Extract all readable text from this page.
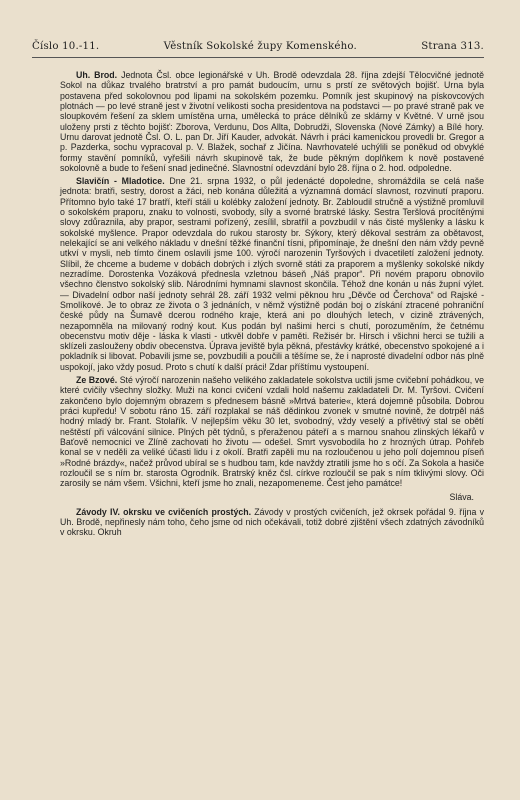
Číslo 10.-11.	Věstník Sokolské župy Komenského.	Strana 313.

Uh. Brod. Jednota Čsl. obce legionářské v Uh. Brodě odevzdala 28. října zdejší Tělocvičné jednotě Sokol na důkaz trvalého bratrství a pro památ budoucím, urnu s prstí ze světových bojišť. Urna byla postavena před sokolovnou pod lipami na sokolském pozemku. Pomník jest skupinový na pískovcových plotnách — po levé straně jest v životní velikosti socha presidentova na podstavci — po pravé straně pak ve sloupkovém řešení za sklem umístěna urna, umělecká to práce dělníků ze sklárny v Květné. V urně jsou uloženy prsti z těchto bojišť: Zborova, Verdunu, Dos Allta, Dobrudži, Slovenska (Nové Zámky) a Bílé hory. Urnu darovat jednotě Čsl. O. L. pan Dr. Jiří Kauder, advokát. Návrh i práci kamenickou provedli br. Gregor a p. Pazderka, sochu vypracoval p. V. Blažek, sochař z Jičína. Navrhovatelé uchýlili se poněkud od obvyklé formy stavění pomníků, vyřešili návrh skupinově tak, že bude pěkným doplňkem k nově postavené sokolovně a bude to řešení snad jedinečné. Slavnostní odevzdání bylo 28. října o 2. hod. odpoledne.

Slavičín - Mladotice. Dne 21. srpna 1932, o půl jedenácté dopoledne, shromáždila se celá naše jednota: bratři, sestry, dorost a žáci, neb konána důležitá a významná domácí slavnost, rozvinutí praporu. Přítomno bylo také 17 bratří, kteří stáli u kolébky založení jednoty. Br. Zabloudil stručně a výstižně promluvil o sokolském praporu, znaku to volnosti, svobody, síly a svorné bratrské lásky. Sestra Teršlová procítěnými slovy zdůraznila, aby prapor, sestrami pořízený, zesílil, sbratřil a povzbudil v nás čisté myšlenky a lásku k sokolské myšlence. Prapor odevzdala do rukou starosty br. Sýkory, který děkoval sestrám za obětavost, nelekající se ani velkého nákladu v dnešní těžké finanční tísni, připomínaje, že dnešní den nám vždy pevně utkví v mysli, neb tímto činem oslavili jsme 100. výročí narozenin Tyršových i dvacetiletí založení jednoty. Slíbil, že chceme a budeme v dobách dobrých i zlých svorně státi za praporem a myšlenky sokolské nikdy nezradíme. Dorostenka Vozáková přednesla vzletnou báseň „Náš prapor“. Při novém praporu obnovilo všechno členstvo sokolský slib. Národními hymnami slavnost skončila. Téhož dne konán u nás župní výlet. — Divadelní odbor naší jednoty sehrál 28. září 1932 velmi pěknou hru „Děvče od Čerchova“ od Rajské - Smolíkové. Je to obraz ze života o 3 jednáních, v němž výstižně podán boj o získání ztracené pohraniční české půdy na Šumavě dcerou rodného kraje, která ani po dlouhých letech, v cizině ztrávených, nezapomněla na milovaný rodný kout. Kus podán byl našimi herci s chutí, porozuměním, že četnému obecenstvu motiv děje - láska k vlasti - utkvěl dobře v paměti. Režisér br. Hirsch i všichni herci se tužili a sklízeli zaslouženy obdiv obecenstva. Úprava jeviště byla pěkná, přestávky krátké, obecenstvo spokojené a i pokladník si libovat. Pobavili jsme se, povzbudili a poučili a těšíme se, že i naprosté divadelní odbor nás plně uspokojí, jako vždy posud. Proto s chutí k další práci! Zdar příštímu vystoupení.

Ze Bzové. Sté výročí narozenin našeho velikého zakladatele sokolstva uctili jsme cvičební pohádkou, ve které cvičily všechny složky. Muži na konci cvičení vzdali hold našemu zakladateli Dr. M. Tyršovi. Cvičení zakončeno bylo dojemným obrazem s přednesem básně »Mrtvá baterie«, která dojemně působila. Dobrou práci kupředu! V sobotu ráno 15. září rozplakal se náš dědinkou zvonek v smutné novině, že dotrpěl náš hodný mladý br. Frant. Stolařík. V nejlepším věku 30 let, svobodný, vždy veselý a přívětivý stal se obětí neštěstí při válcování silnice. Plných pět týdnů, s přeraženou páteří a s marnou snahou zlinských lékařů v Baťově nemocnici ve Zlíně zachovati ho životu — odešel. Smrt vysvobodila ho z hrozných útrap. Pohřeb konal se v neděli za veliké účasti lidu i z okolí. Bratři zapěli mu na rozloučenou u jeho polí dojemnou píseň »Rodné brázdy«, načež průvod ubíral se s hudbou tam, kde navždy ztratili jsme ho s očí. Za Sokola a hasiče rozloučil se s ním br. starosta Ogrodník. Bratrský kněz čsl. církve rozloučil se pak s ním tklivými slovy. Oči zarosily se nám všem. Všichni, kteří jsme ho znali, nezapomeneme. Čest jeho památce!

Sláva.

Závody IV. okrsku ve cvičeních prostých. Závody v prostých cvičeních, jež okrsek pořádal 9. října v Uh. Brodě, nepřinesly nám toho, čeho jsme od nich očekávali, totiž dobré zjištění všech zdatných závodníků v okrsku. Okruh
